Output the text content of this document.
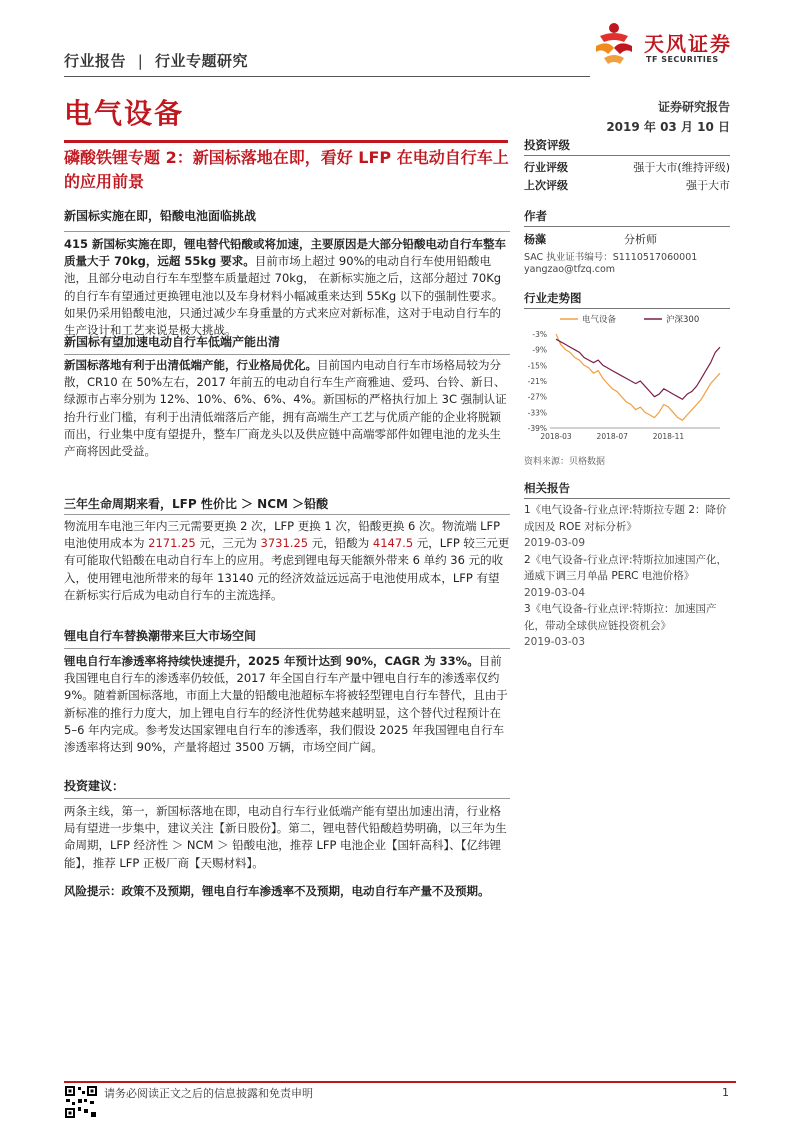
行业报告 | 行业专题研究
天风证券
TF SECURITIES
电气设备	证券研究报告
2019 年 03 月 10 日
磷酸铁锂专题 2：新国标落地在即，看好 LFP 在电动自行车上的应用前景
新国标实施在即，铅酸电池面临挑战
415 新国标实施在即，锂电替代铅酸或将加速，主要原因是大部分铅酸电动自行车整车质量大于 70kg，远超 55kg 要求。目前市场上超过 90%的电动自行车使用铅酸电池，且部分电动自行车车型整车质量超过 70kg， 在新标实施之后，这部分超过 70Kg 的自行车有望通过更换锂电池以及车身材料小幅减重来达到 55Kg 以下的强制性要求。如果仍采用铅酸电池，只通过减少车身重量的方式来应对新标准，这对于电动自行车的生产设计和工艺来说是极大挑战。
新国标有望加速电动自行车低端产能出清
新国标落地有利于出清低端产能，行业格局优化。目前国内电动自行车市场格局较为分散，CR10 在 50%左右，2017 年前五的电动自行车生产商雅迪、爱玛、台铃、新日、绿源市占率分别为 12%、10%、6%、6%、4%。新国标的严格执行加上 3C 强制认证抬升行业门槛，有利于出清低端落后产能，拥有高端生产工艺与优质产能的企业将脱颖而出，行业集中度有望提升，整车厂商龙头以及供应链中高端零部件如锂电池的龙头生产商将因此受益。
三年生命周期来看，LFP 性价比 ＞ NCM ＞铅酸
物流用车电池三年内三元需要更换 2 次，LFP 更换 1 次，铅酸更换 6 次。物流端 LFP 电池使用成本为 2171.25 元，三元为 3731.25 元，铅酸为 4147.5 元，LFP 较三元更有可能取代铅酸在电动自行车上的应用。考虑到锂电每天能额外带来 6 单约 36 元的收入，使用锂电池所带来的每年 13140 元的经济效益远远高于电池使用成本，LFP 有望在新标实行后成为电动自行车的主流选择。
锂电自行车替换潮带来巨大市场空间
锂电自行车渗透率将持续快速提升，2025 年预计达到 90%，CAGR 为 33%。目前我国锂电自行车的渗透率仍较低，2017 年全国自行车产量中锂电自行车的渗透率仅约 9%。随着新国标落地，市面上大量的铅酸电池超标车将被轻型锂电自行车替代，且由于新标准的推行力度大，加上锂电自行车的经济性优势越来越明显，这个替代过程预计在 5–6 年内完成。参考发达国家锂电自行车的渗透率，我们假设 2025 年我国锂电自行车渗透率将达到 90%，产量将超过 3500 万辆，市场空间广阔。
投资建议：
两条主线，第一，新国标落地在即，电动自行车行业低端产能有望出加速出清，行业格局有望进一步集中，建议关注【新日股份】。第二，锂电替代铅酸趋势明确，以三年为生命周期，LFP 经济性 ＞ NCM ＞ 铅酸电池，推荐 LFP 电池企业【国轩高科】、【亿纬锂能】，推荐 LFP 正极厂商【天赐材料】。
风险提示：政策不及预期，锂电自行车渗透率不及预期，电动自行车产量不及预期。
投资评级
行业评级	强于大市(维持评级)
上次评级	强于大市
作者
杨藻	分析师
SAC 执业证书编号：S1110517060001
yangzao@tfzq.com
行业走势图
电气设备	沪深300
-3%
-9%
-15%
-21%
-27%
-33%
-39%
2018-03	2018-07	2018-11
资料来源：贝格数据
相关报告

1《电气设备-行业点评:特斯拉专题 2：降价成因及 ROE 对标分析》

2019-03-09

2《电气设备-行业点评:特斯拉加速国产化，通威下调三月单晶 PERC 电池价格》

2019-03-04

3《电气设备-行业点评:特斯拉：加速国产化，带动全球供应链投资机会》

2019-03-03

请务必阅读正文之后的信息披露和免责申明	1
